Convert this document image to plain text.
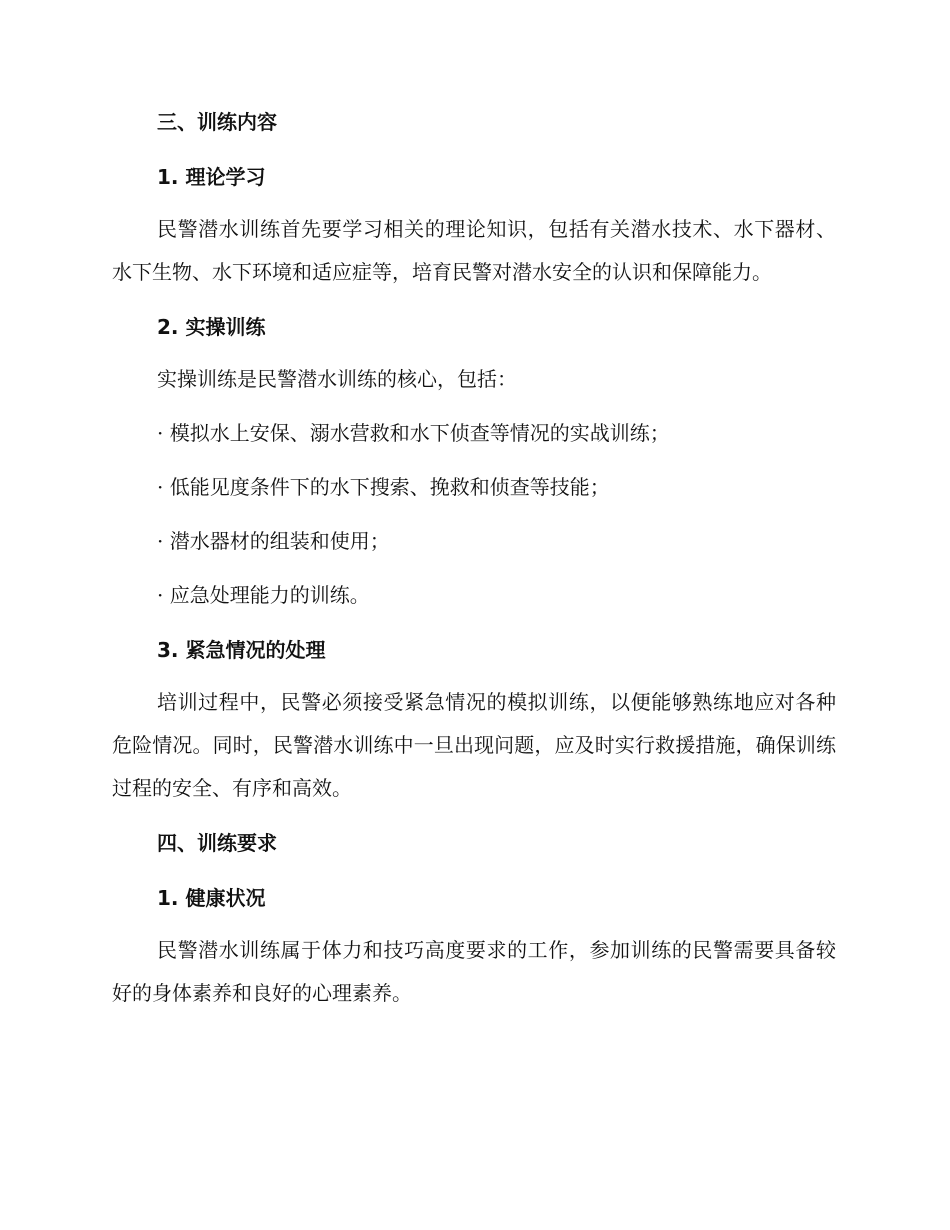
三、训练内容
1. 理论学习

民警潜水训练首先要学习相关的理论知识，包括有关潜水技术、水下器材、水下生物、水下环境和适应症等，培育民警对潜水安全的认识和保障能力。

2. 实操训练

实操训练是民警潜水训练的核心，包括：

· 模拟水上安保、溺水营救和水下侦查等情况的实战训练；

· 低能见度条件下的水下搜索、挽救和侦查等技能；

· 潜水器材的组装和使用；

· 应急处理能力的训练。

3. 紧急情况的处理

培训过程中，民警必须接受紧急情况的模拟训练，以便能够熟练地应对各种危险情况。同时，民警潜水训练中一旦出现问题，应及时实行救援措施，确保训练过程的安全、有序和高效。

四、训练要求
1. 健康状况

民警潜水训练属于体力和技巧高度要求的工作，参加训练的民警需要具备较好的身体素养和良好的心理素养。
